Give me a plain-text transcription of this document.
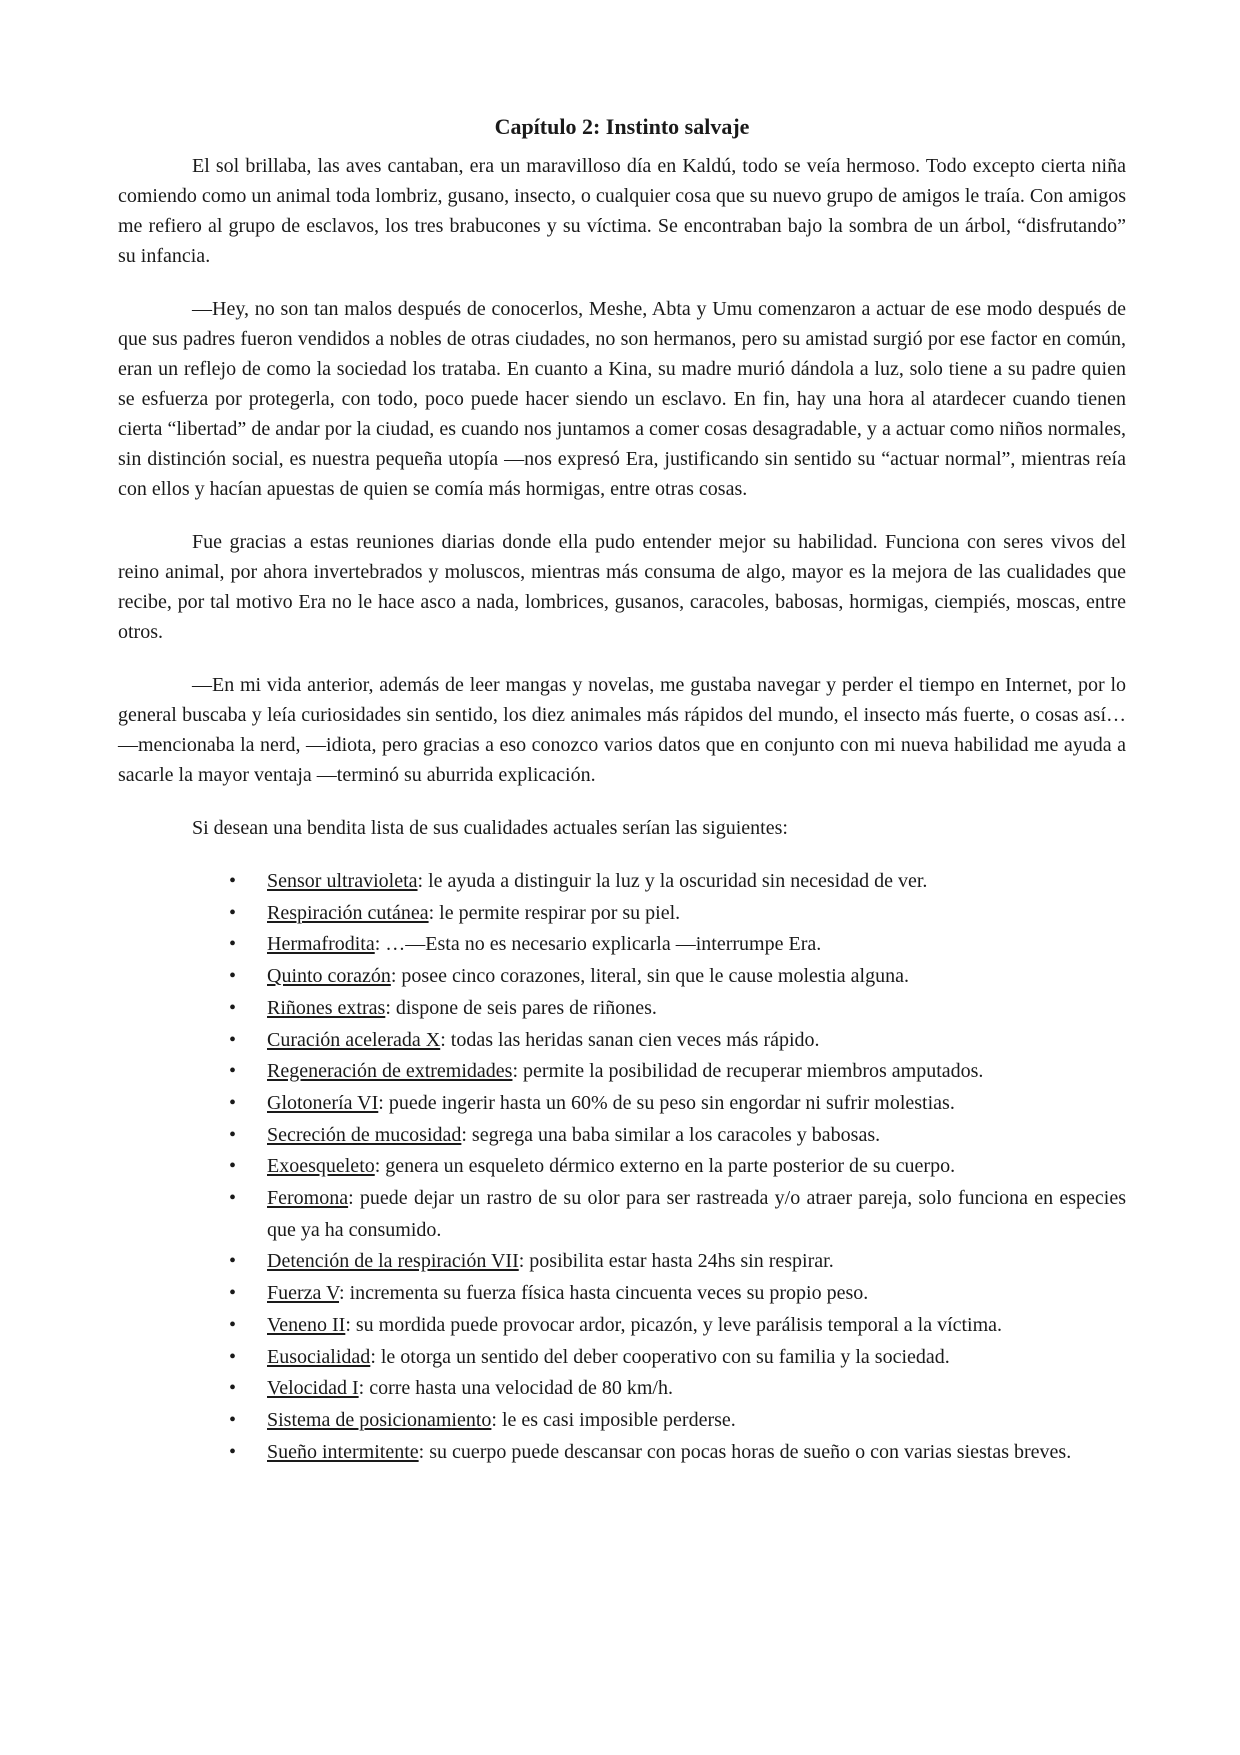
Capítulo 2: Instinto salvaje

El sol brillaba, las aves cantaban, era un maravilloso día en Kaldú, todo se veía hermoso. Todo excepto cierta niña comiendo como un animal toda lombriz, gusano, insecto, o cualquier cosa que su nuevo grupo de amigos le traía. Con amigos me refiero al grupo de esclavos, los tres brabucones y su víctima. Se encontraban bajo la sombra de un árbol, “disfrutando” su infancia.

—Hey, no son tan malos después de conocerlos, Meshe, Abta y Umu comenzaron a actuar de ese modo después de que sus padres fueron vendidos a nobles de otras ciudades, no son hermanos, pero su amistad surgió por ese factor en común, eran un reflejo de como la sociedad los trataba. En cuanto a Kina, su madre murió dándola a luz, solo tiene a su padre quien se esfuerza por protegerla, con todo, poco puede hacer siendo un esclavo. En fin, hay una hora al atardecer cuando tienen cierta “libertad” de andar por la ciudad, es cuando nos juntamos a comer cosas desagradable, y a actuar como niños normales, sin distinción social, es nuestra pequeña utopía —nos expresó Era, justificando sin sentido su “actuar normal”, mientras reía con ellos y hacían apuestas de quien se comía más hormigas, entre otras cosas.

Fue gracias a estas reuniones diarias donde ella pudo entender mejor su habilidad. Funciona con seres vivos del reino animal, por ahora invertebrados y moluscos, mientras más consuma de algo, mayor es la mejora de las cualidades que recibe, por tal motivo Era no le hace asco a nada, lombrices, gusanos, caracoles, babosas, hormigas, ciempiés, moscas, entre otros.

—En mi vida anterior, además de leer mangas y novelas, me gustaba navegar y perder el tiempo en Internet, por lo general buscaba y leía curiosidades sin sentido, los diez animales más rápidos del mundo, el insecto más fuerte, o cosas así… —mencionaba la nerd, —idiota, pero gracias a eso conozco varios datos que en conjunto con mi nueva habilidad me ayuda a sacarle la mayor ventaja —terminó su aburrida explicación.

Si desean una bendita lista de sus cualidades actuales serían las siguientes:

• Sensor ultravioleta: le ayuda a distinguir la luz y la oscuridad sin necesidad de ver.
• Respiración cutánea: le permite respirar por su piel.
• Hermafrodita: …—Esta no es necesario explicarla —interrumpe Era.
• Quinto corazón: posee cinco corazones, literal, sin que le cause molestia alguna.
• Riñones extras: dispone de seis pares de riñones.
• Curación acelerada X: todas las heridas sanan cien veces más rápido.
• Regeneración de extremidades: permite la posibilidad de recuperar miembros amputados.
• Glotonería VI: puede ingerir hasta un 60% de su peso sin engordar ni sufrir molestias.
• Secreción de mucosidad: segrega una baba similar a los caracoles y babosas.
• Exoesqueleto: genera un esqueleto dérmico externo en la parte posterior de su cuerpo.
• Feromona: puede dejar un rastro de su olor para ser rastreada y/o atraer pareja, solo funciona en especies que ya ha consumido.
• Detención de la respiración VII: posibilita estar hasta 24hs sin respirar.
• Fuerza V: incrementa su fuerza física hasta cincuenta veces su propio peso.
• Veneno II: su mordida puede provocar ardor, picazón, y leve parálisis temporal a la víctima.
• Eusocialidad: le otorga un sentido del deber cooperativo con su familia y la sociedad.
• Velocidad I: corre hasta una velocidad de 80 km/h.
• Sistema de posicionamiento: le es casi imposible perderse.
• Sueño intermitente: su cuerpo puede descansar con pocas horas de sueño o con varias siestas breves.
